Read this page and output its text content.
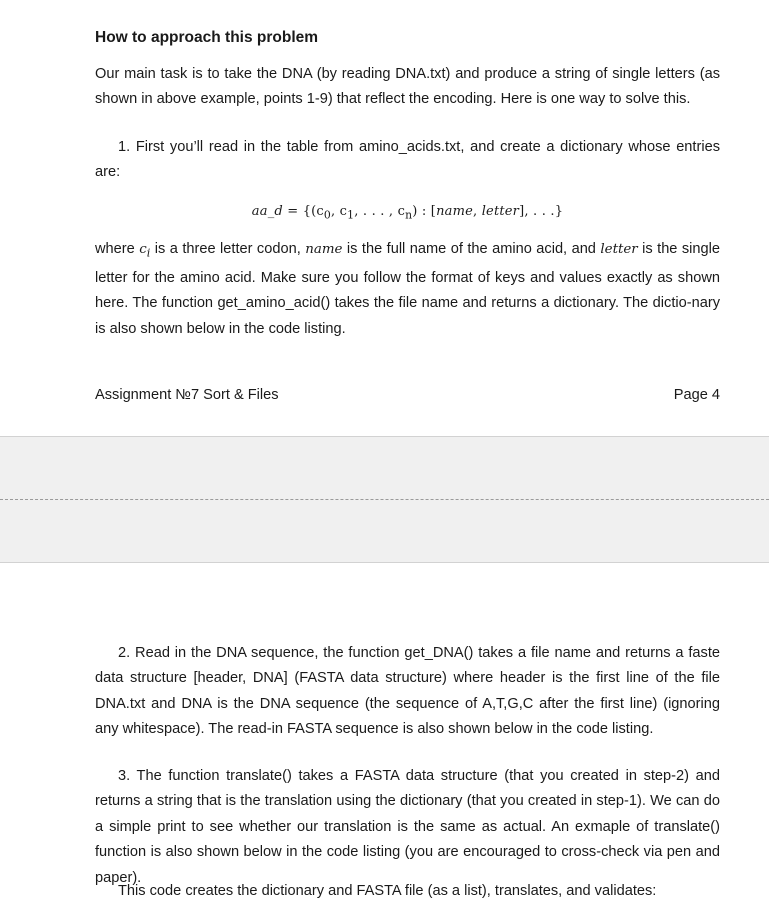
How to approach this problem
Our main task is to take the DNA (by reading DNA.txt) and produce a string of single letters (as shown in above example, points 1-9) that reflect the encoding. Here is one way to solve this.
1. First you’ll read in the table from amino_acids.txt, and create a dictionary whose entries are:
aa_d = {($c_0$, $c_1$, . . . , $c_n$) : [name, letter], . . .}
where $c_i$ is a three letter codon, name is the full name of the amino acid, and letter is the single letter for the amino acid. Make sure you follow the format of keys and values exactly as shown here. The function get_amino_acid() takes the file name and returns a dictionary. The dictio-nary is also shown below in the code listing.
Assignment №7 Sort & Files	Page 4
2. Read in the DNA sequence, the function get_DNA() takes a file name and returns a faste data structure [header, DNA] (FASTA data structure) where header is the first line of the file DNA.txt and DNA is the DNA sequence (the sequence of A,T,G,C after the first line) (ignoring any whitespace). The read-in FASTA sequence is also shown below in the code listing.
3. The function translate() takes a FASTA data structure (that you created in step-2) and returns a string that is the translation using the dictionary (that you created in step-1). We can do a simple print to see whether our translation is the same as actual. An exmaple of translate() function is also shown below in the code listing (you are encouraged to cross-check via pen and paper).
This code creates the dictionary and FASTA file (as a list), translates, and validates:
